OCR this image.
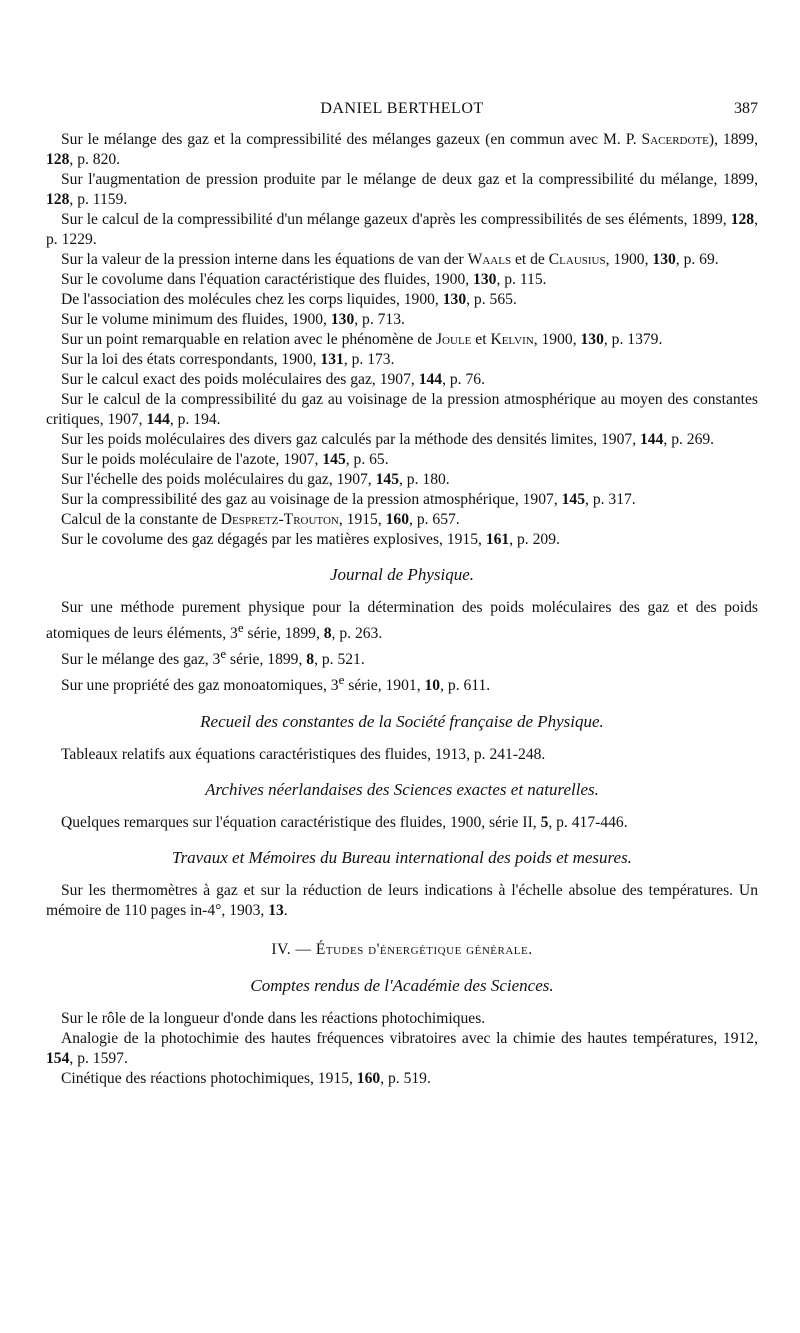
DANIEL BERTHELOT	387

Sur le mélange des gaz et la compressibilité des mélanges gazeux (en commun avec M. P. Sacerdote), 1899, 128, p. 820.

Sur l'augmentation de pression produite par le mélange de deux gaz et la compressibilité du mélange, 1899, 128, p. 1159.

Sur le calcul de la compressibilité d'un mélange gazeux d'après les compressibilités de ses éléments, 1899, 128, p. 1229.

Sur la valeur de la pression interne dans les équations de van der Waals et de Clausius, 1900, 130, p. 69.

Sur le covolume dans l'équation caractéristique des fluides, 1900, 130, p. 115.

De l'association des molécules chez les corps liquides, 1900, 130, p. 565.

Sur le volume minimum des fluides, 1900, 130, p. 713.

Sur un point remarquable en relation avec le phénomène de Joule et Kelvin, 1900, 130, p. 1379.

Sur la loi des états correspondants, 1900, 131, p. 173.

Sur le calcul exact des poids moléculaires des gaz, 1907, 144, p. 76.

Sur le calcul de la compressibilité du gaz au voisinage de la pression atmosphérique au moyen des constantes critiques, 1907, 144, p. 194.

Sur les poids moléculaires des divers gaz calculés par la méthode des densités limites, 1907, 144, p. 269.

Sur le poids moléculaire de l'azote, 1907, 145, p. 65.

Sur l'échelle des poids moléculaires du gaz, 1907, 145, p. 180.

Sur la compressibilité des gaz au voisinage de la pression atmosphérique, 1907, 145, p. 317.

Calcul de la constante de Despretz-Trouton, 1915, 160, p. 657.

Sur le covolume des gaz dégagés par les matières explosives, 1915, 161, p. 209.

Journal de Physique.

Sur une méthode purement physique pour la détermination des poids moléculaires des gaz et des poids atomiques de leurs éléments, 3e série, 1899, 8, p. 263.

Sur le mélange des gaz, 3e série, 1899, 8, p. 521.

Sur une propriété des gaz monoatomiques, 3e série, 1901, 10, p. 611.

Recueil des constantes de la Société française de Physique.

Tableaux relatifs aux équations caractéristiques des fluides, 1913, p. 241-248.

Archives néerlandaises des Sciences exactes et naturelles.

Quelques remarques sur l'équation caractéristique des fluides, 1900, série II, 5, p. 417-446.

Travaux et Mémoires du Bureau international des poids et mesures.

Sur les thermomètres à gaz et sur la réduction de leurs indications à l'échelle absolue des températures. Un mémoire de 110 pages in-4°, 1903, 13.

IV. — Études d'énergétique générale.
Comptes rendus de l'Académie des Sciences.

Sur le rôle de la longueur d'onde dans les réactions photochimiques.

Analogie de la photochimie des hautes fréquences vibratoires avec la chimie des hautes températures, 1912, 154, p. 1597.

Cinétique des réactions photochimiques, 1915, 160, p. 519.
